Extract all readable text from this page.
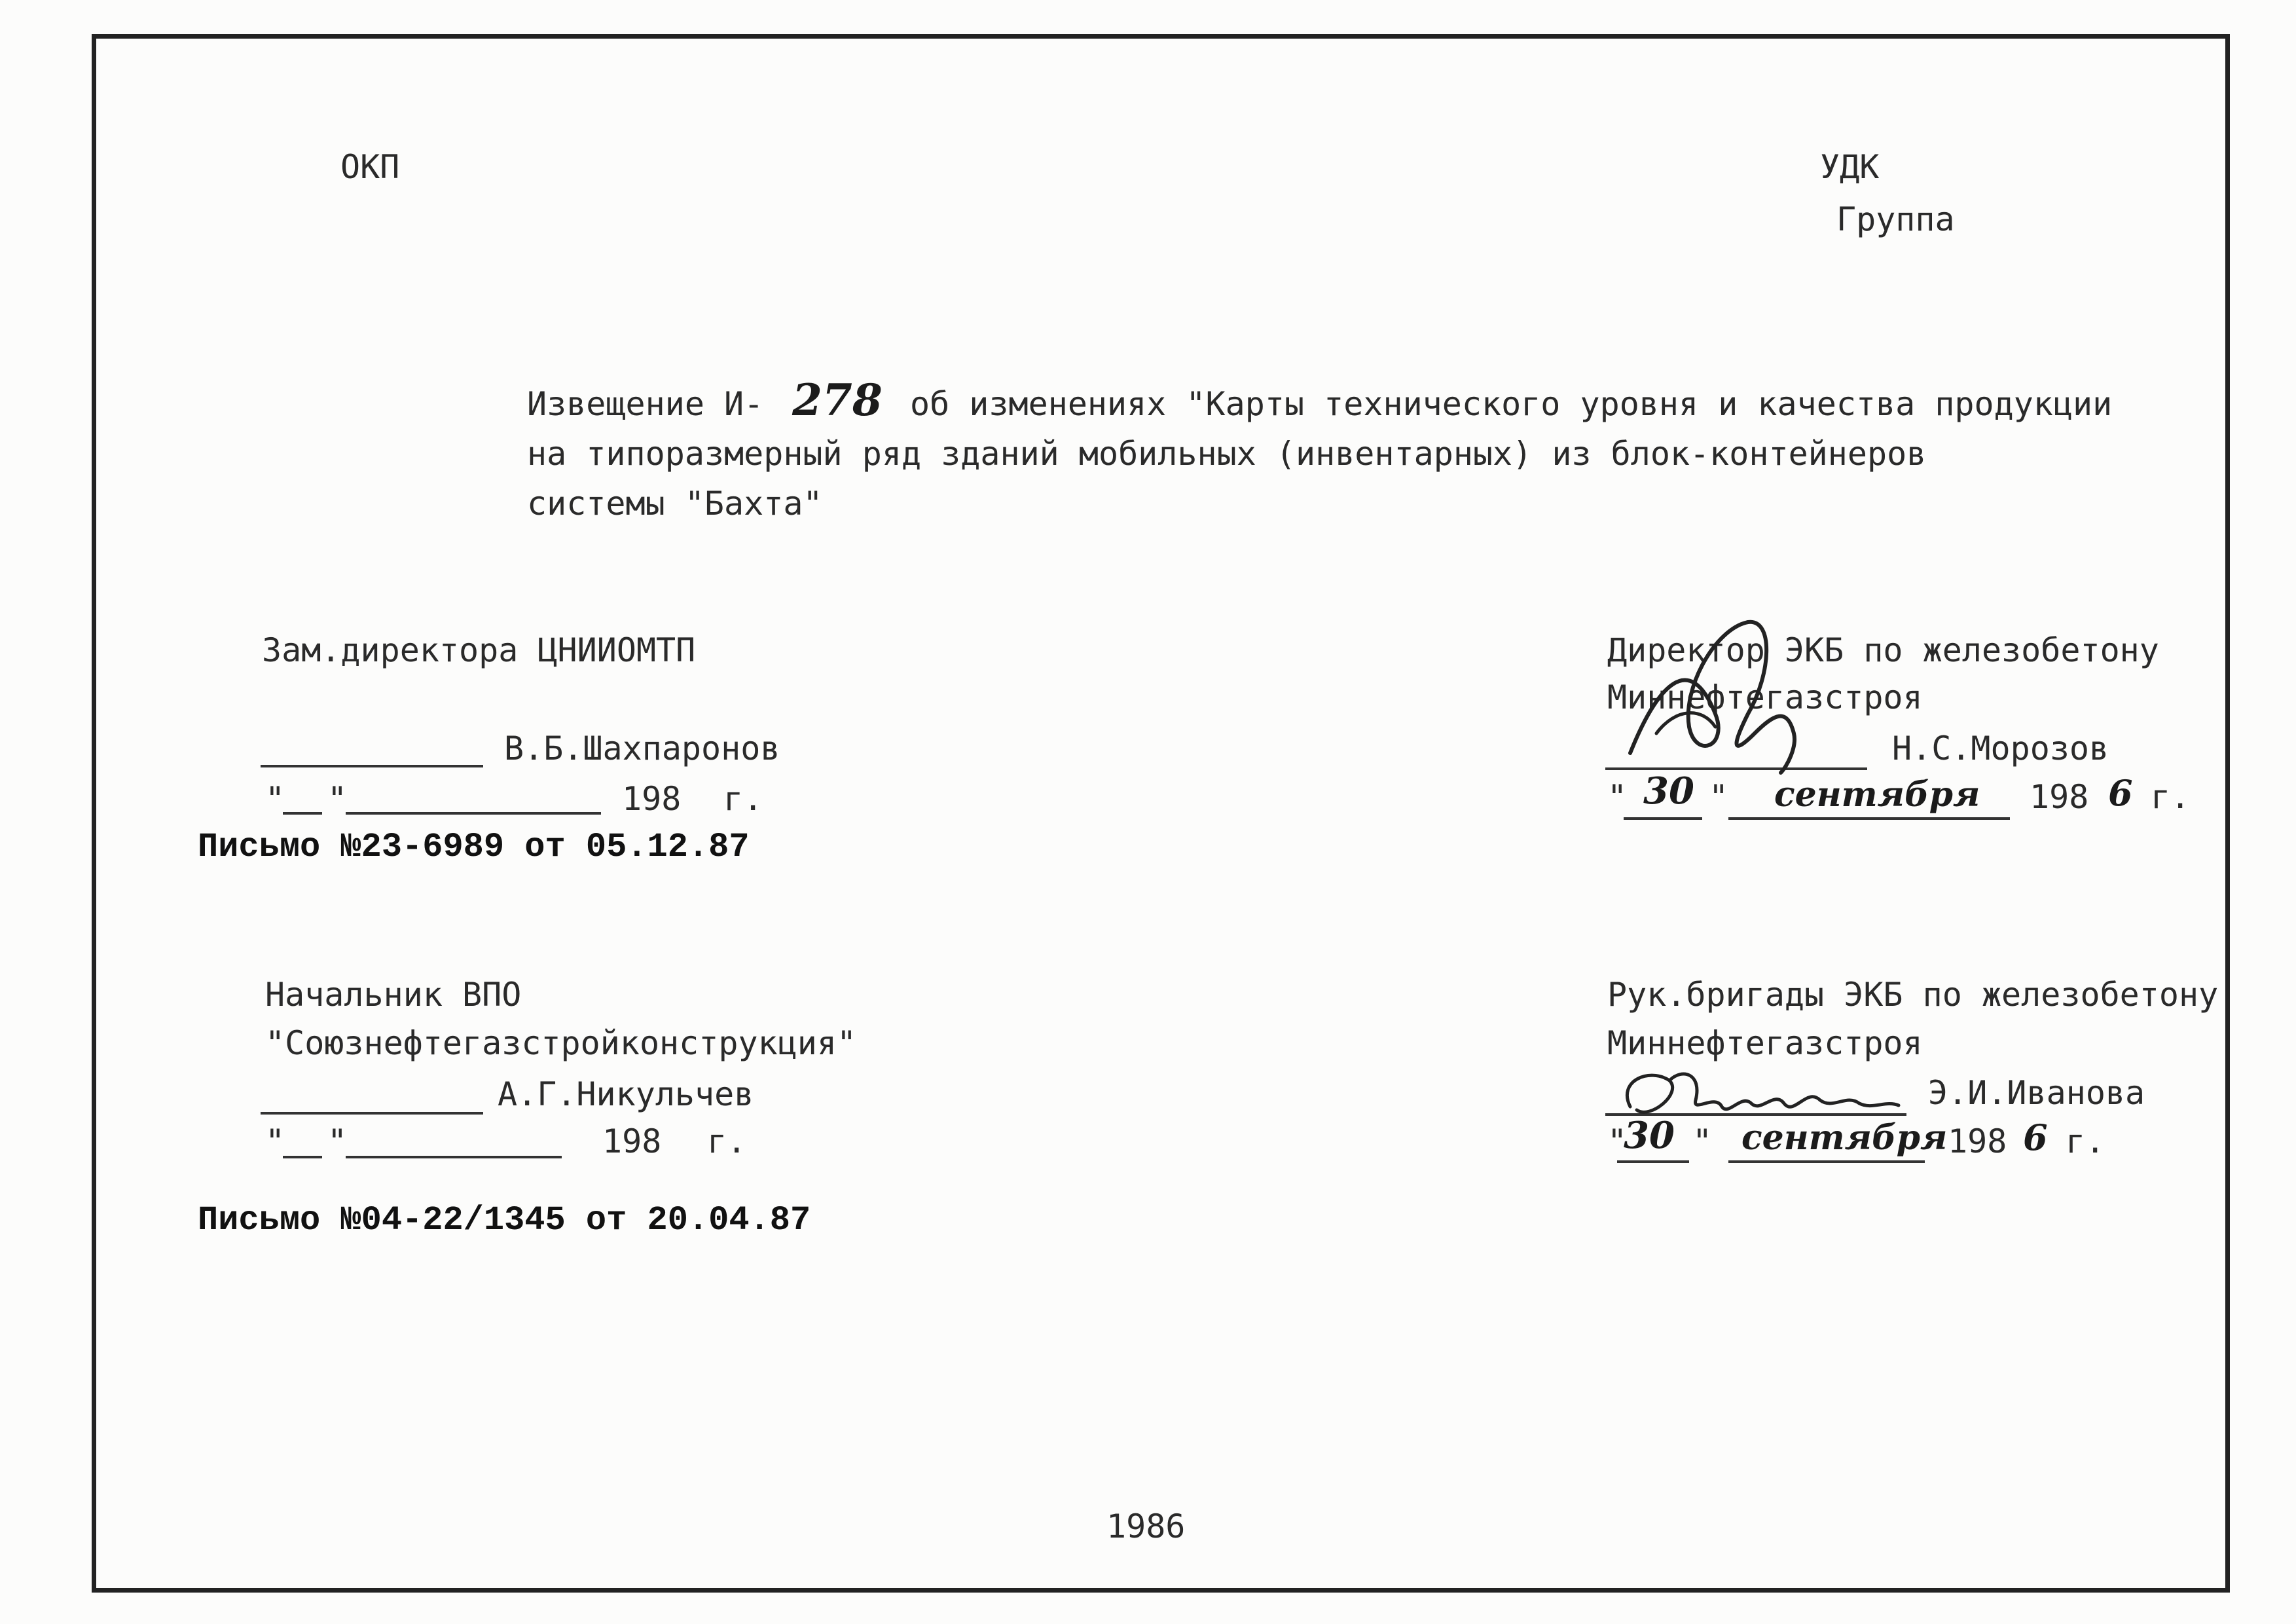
ОКП	УДК
Группа
Извещение И- 278 об изменениях "Карты технического уровня и качества продукции
на типоразмерный ряд зданий мобильных (инвентарных) из блок-контейнеров
системы "Бахта"
Зам.директора ЦНИИОМТП
В.Б.Шахпаронов
" "	198 г.
Письмо №23-6989 от 05.12.87
Начальник ВПО
"Союзнефтегазстройконструкция"
А.Г.Никульчев
" "	198 г.
Письмо №04-22/1345 от 20.04.87
Директор ЭКБ по железобетону
Миннефтегазстроя
Н.С.Морозов
" 30 " сентября 198 6 г.
Рук.бригады ЭКБ по железобетону
Миннефтегазстроя
Э.И.Иванова
"
30 " сентября 198 6 г.
1986
